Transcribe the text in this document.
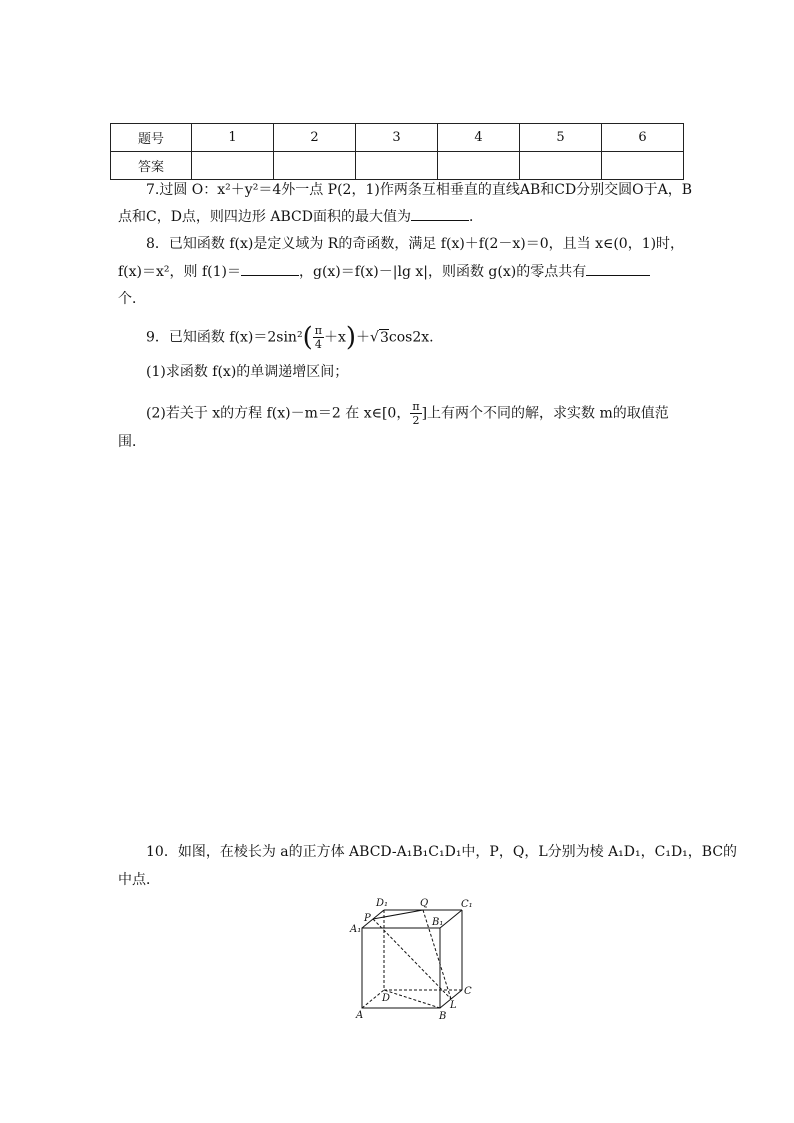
题号	1	2	3	4	5	6
答案						
7.过圆 O：x²＋y²＝4外一点 P(2，1)作两条互相垂直的直线AB和CD分别交圆O于A，B
点和C，D点，则四边形 ABCD面积的最大值为	．
8．已知函数 f(x)是定义域为 R的奇函数，满足 f(x)＋f(2－x)＝0，且当 x∈(0，1)时，
f(x)＝x²，则 f(1)＝	，g(x)＝f(x)－|lg x|，则函数 g(x)的零点共有
个．
9．已知函数 $f(x)=2\sin^2( \frac{\pi}{4} +x)+√3\cos 2x$.
(1)求函数 f(x)的单调递增区间；
(2)若关于 x的方程 f(x)－m＝2 在 x∈[0， $\frac{\pi}{2}$ ]上有两个不同的解，求实数 m的取值范
围．
10．如图，在棱长为 a的正方体 ABCD-A₁B₁C₁D₁中，P，Q，L分别为棱 A₁D₁，C₁D₁，BC的
中点．
D₁
P
Q	C₁
A₁
B₁
D
C
L
A	B
